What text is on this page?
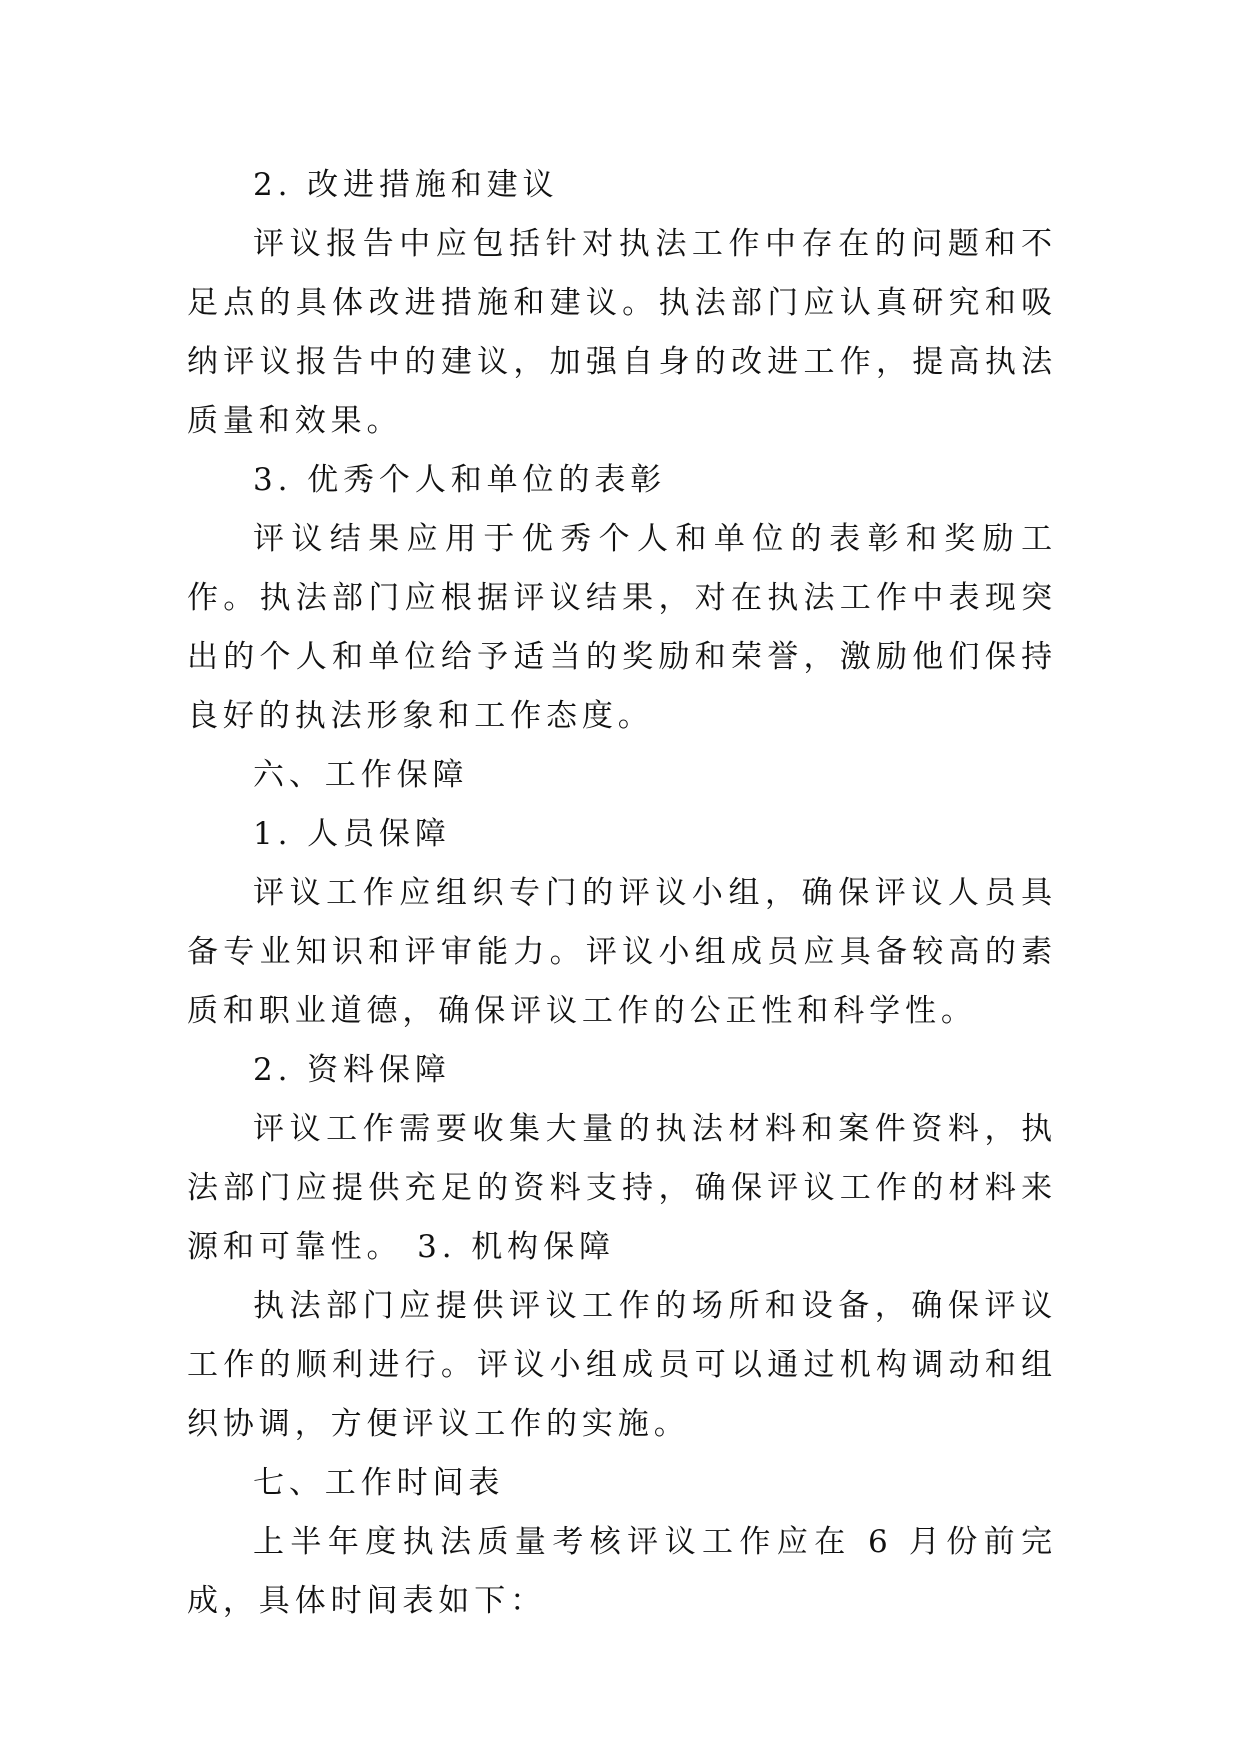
2. 改进措施和建议

评议报告中应包括针对执法工作中存在的问题和不足点的具体改进措施和建议。执法部门应认真研究和吸纳评议报告中的建议，加强自身的改进工作，提高执法质量和效果。

3. 优秀个人和单位的表彰

评议结果应用于优秀个人和单位的表彰和奖励工作。执法部门应根据评议结果，对在执法工作中表现突出的个人和单位给予适当的奖励和荣誉，激励他们保持良好的执法形象和工作态度。

六、工作保障

1. 人员保障

评议工作应组织专门的评议小组，确保评议人员具备专业知识和评审能力。评议小组成员应具备较高的素质和职业道德，确保评议工作的公正性和科学性。

2. 资料保障

评议工作需要收集大量的执法材料和案件资料，执法部门应提供充足的资料支持，确保评议工作的材料来源和可靠性。 3. 机构保障

执法部门应提供评议工作的场所和设备，确保评议工作的顺利进行。评议小组成员可以通过机构调动和组织协调，方便评议工作的实施。

七、工作时间表

上半年度执法质量考核评议工作应在 6 月份前完成，具体时间表如下：
